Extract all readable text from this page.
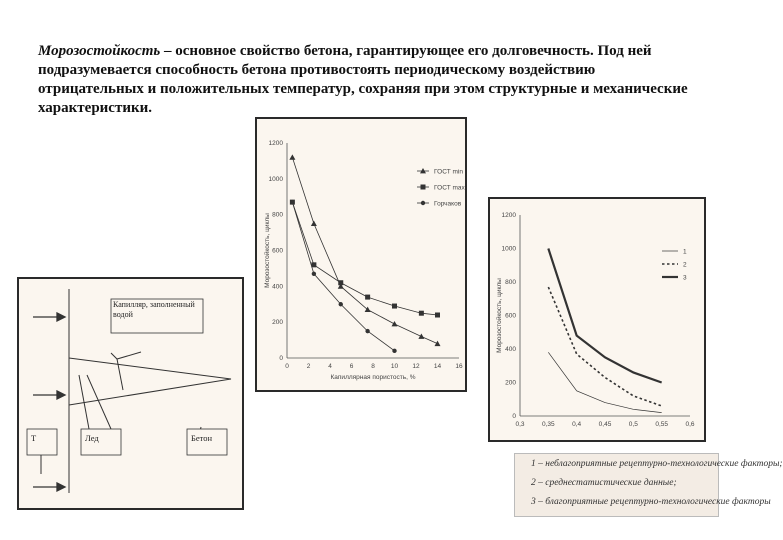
Морозостойкость – основное свойство бетона, гарантирующее его долговечность. Под ней подразумевается способность бетона противостоять периодическому воздействию отрицательных и положительных температур, сохраняя при этом структурные и механические характеристики.

0
200
400
600
800
1000
1200
0	2	4	6	8 10 12 14 16
Капиллярная пористость, %
Морозостойкость, циклы
ГОСТ min
ГОСТ max
Горчаков
0
200
400
600
800
1000
1200
0,3	0,35	0,4	0,45	0,5	0,55	0,6
Морозостойкость, циклы
1
2
3
Капилляр, заполненный водой
Т	Лед	Бетон
1 – неблагоприятные рецептурно-технологические факторы;
2 – среднестатистические данные;
3 – благоприятные рецептурно-технологические факторы
